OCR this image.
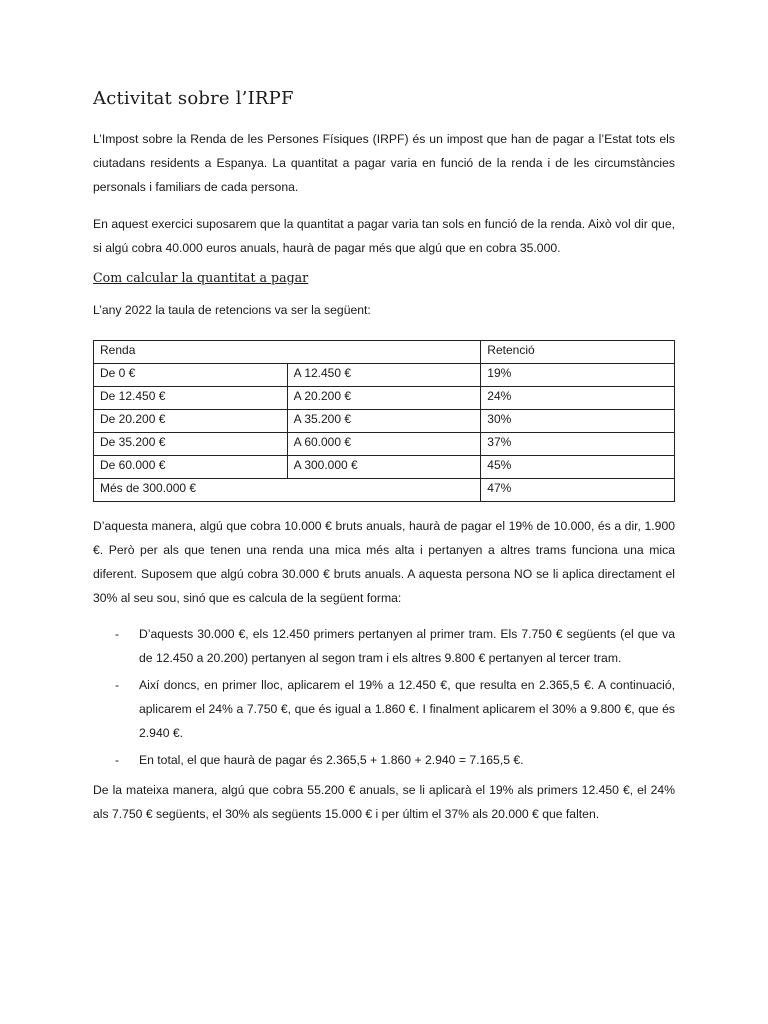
Activitat sobre l’IRPF
L’Impost sobre la Renda de les Persones Físiques (IRPF) és un impost que han de pagar a l’Estat tots els ciutadans residents a Espanya. La quantitat a pagar varia en funció de la renda i de les circumstàncies personals i familiars de cada persona.
En aquest exercici suposarem que la quantitat a pagar varia tan sols en funció de la renda. Això vol dir que, si algú cobra 40.000 euros anuals, haurà de pagar més que algú que en cobra 35.000.
Com calcular la quantitat a pagar
L’any 2022 la taula de retencions va ser la següent:
Renda		Retenció
De 0 €	A 12.450 €	19%
De 12.450 €	A 20.200 €	24%
De 20.200 €	A 35.200 €	30%
De 35.200 €	A 60.000 €	37%
De 60.000 €	A 300.000 €	45%
Més de 300.000 €		47%
D’aquesta manera, algú que cobra 10.000 € bruts anuals, haurà de pagar el 19% de 10.000, és a dir, 1.900 €. Però per als que tenen una renda una mica més alta i pertanyen a altres trams funciona una mica diferent. Suposem que algú cobra 30.000 € bruts anuals. A aquesta persona NO se li aplica directament el 30% al seu sou, sinó que es calcula de la següent forma:
- D’aquests 30.000 €, els 12.450 primers pertanyen al primer tram. Els 7.750 € següents (el que va de 12.450 a 20.200) pertanyen al segon tram i els altres 9.800 € pertanyen al tercer tram.
- Així doncs, en primer lloc, aplicarem el 19% a 12.450 €, que resulta en 2.365,5 €. A continuació, aplicarem el 24% a 7.750 €, que és igual a 1.860 €. I finalment aplicarem el 30% a 9.800 €, que és 2.940 €.
- En total, el que haurà de pagar és 2.365,5 + 1.860 + 2.940 = 7.165,5 €.
De la mateixa manera, algú que cobra 55.200 € anuals, se li aplicarà el 19% als primers 12.450 €, el 24% als 7.750 € següents, el 30% als següents 15.000 € i per últim el 37% als 20.000 € que falten.
